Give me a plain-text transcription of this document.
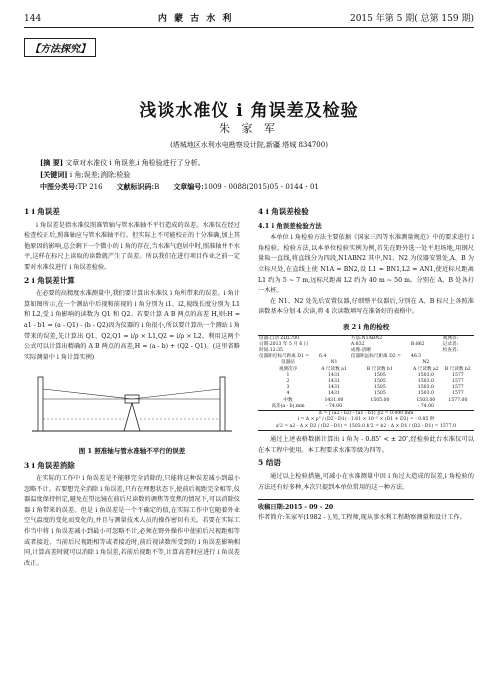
144	内 蒙 古 水 利	2015 年第 5 期( 总第 159 期)
【方法探究】
浅谈水准仪 i 角误差及检验
朱 家 军
(塔城地区水利水电勘察设计院,新疆 塔城 834700)
[摘 要] 文章对水准仪 i 角误差,i 角检验进行了分析。
[关键词] i 角;误差;消除;检验
中图分类号:TP 216 文献标识码:B 文章编号:1009 - 0088(2015)05 - 0144 - 01
1 i 角误差

i 角误差是指水准仪照准管轴与管水准轴不平行造成的误差。水准仪在经过检查校正后,照准轴应与管水准轴平行。但实际上不可能校正的十分准确,加上其他原因的影响,总会剩下一个微小的 i 角的存在,当水准气泡居中时,照准轴并不水平,这样在标尺上读取的读数就产生了误差。所以我们在进行项目作业之前一定要对水准仪进行 i 角误差检验。

2 i 角误差计算

在必要的高精度水准测量中,我们要计算出水准仪 i 角所带来的误差。i 角计算如图所示,在一个测站中后视和前视的 i 角分别为 i1、i2,视线长度分别为 L1 和 L2,受 i 角影响的读数为 Q1 和 Q2。若要计算 A B 两点的高差 H,则:H = a1 - b1 = (a - Q1) - (b - Q2)因为仪器的 i 角很小,所以要计算出一个测站 i 角带来的误差,先计算出 Q1、Q2,Q1 = i/ρ × L1,Q2 = i/ρ × L2。利用这两个公式可以计算出精确的 A B 两点的高差,H = (a - b) + (Q2 - Q1)。(这里省略实际测量中 i 角计算实例)

图 1 照准轴与管水准轴不平行的误差
3 i 角误差消除

在实际的工作中 i 角误差是不能够完全消除的,只能将这种误差减小到最小忽略不计。若要想完全消除 i 角误差,只有在理想状态下,使前后视距完全相等,仪器温度保持恒定,避免在望远镜在前后尺读数的调焦等变焦的情况下,可以消除仪器 i 角带来的误差。但是 i 角误差是一个不确定的值,在实际工作中它随着外业空气温度的变化而变化的,并且与测量技术人员的操作密切有关。若要在实际工作当中将 i 角误差减小到最小可忽略不计,必须在野外操作中使前后尺视距相等或者接近。当前后尺视距相等或者接近时,前后视读数所受到的 i 角误差影响相同,计算高差时就可以消除 i 角误差,若前后视距不等,计算高差时应进行 i 角误差改正。

4 i 角误差检验
4.1 i 角误差检验方法

本单位 i 角检验方法主要依据《国家三四等水准测量规范》中的要求进行 i 角检验。检验方法,以本单位检验实例为例,首先在野外选一处平坦场地,用钢尺量取一直线,将直线分为四段,N1ABN2 其中,N1、N2 为仪器安置处,A、B 为立标尺处,在直线上使 N1A = BN2,设 L1 = BN1,L2 = AN1,使近标尺距离 L1 约为 5 ~ 7 m,远标尺距离 L2 约为 40 m ~ 50 m。分别在 A、B 处各打一木桩。

在 N1、N2 处先后安置仪器,仔细整平仪器后,分别在 A、B 标尺上各照准读数基本分划 4 次读,将 4 次读数填写在准备好的表格中。

表 2 i 角的检校
仪器:自动 ZDL700		方法:N1ABN2		观测者:
日期:2013 年 5 月 6 日		A:832	B:862	记录者:
时间:12:35		成像:清晰		检查者:
仪器距近标尺距离 D1 =	6.4	仪器距远标尺距离 D2 =	46.3	
仪器站	N1		N2	
观测次序	A 尺读数 a1	B 尺读数 b1	A 尺读数 a2	B 尺读数 b2
1	1431	1505	1503.0	1577
2	1431	1505	1503.0	1577
3	1431	1505	1503.0	1577
4	1431	1505	1503.0	1577
中数	1431.00	1505.00	1503.00	1577.00
高差(a - b),mm	- 74.00		- 74.00	
Δ = [ (a2 - b2) - (a1 - b1) ]/2 = 0.000 mm
i = Δ × ρ" / (D2 - D1) - 1.61 × 10⁻⁵ × (D1 + D2) = - 0.85 秒
a'2 = a2 - Δ × D2 / (D2 - D1) = 1503.0 b'2 = b2 - Δ × D1 / (D2 - D1) = 1577.0

通过上述表格数据计算出 i 角为 - 0.85″ < ± 20″,经检验此台水准仪可以在本工程中使用。本工程要求水准等级为四等。

5 结语

通过以上检验措施,可减小在水准测量中因 i 角过大造成的误差,i 角检验的方法还有好多种,本次只提到本单位常用的这一种方法。

收稿日期:2015 - 09 - 20
作者简介:朱家军(1982 - ),男,工程师,现从事水利工程勘察测量和设计工作。
